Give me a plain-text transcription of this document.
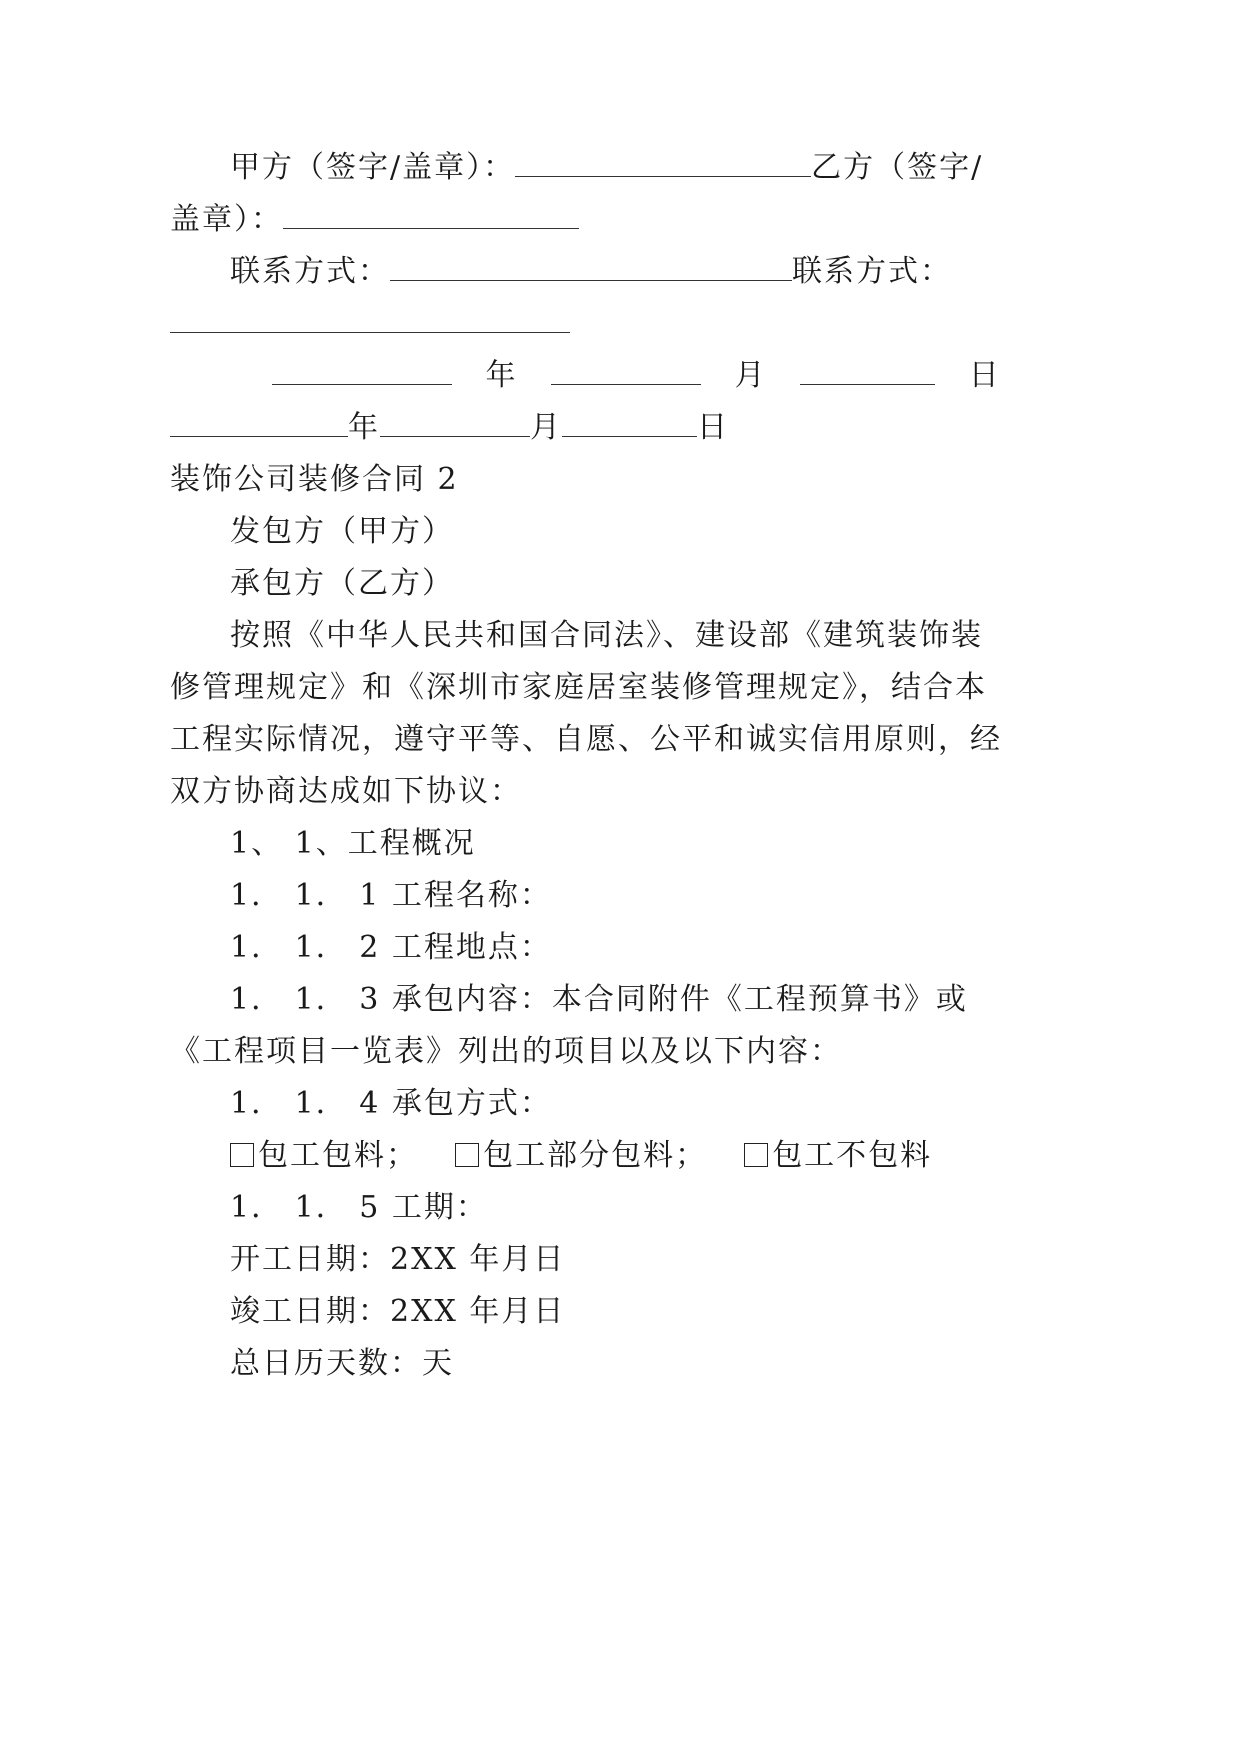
甲方（签字/盖章）：	乙方（签字/
盖章）：
联系方式：	联系方式：
年	月	日
年	月	日
装饰公司装修合同 2
发包方（甲方）
承包方（乙方）
按照《中华人民共和国合同法》、建设部《建筑装饰装
修管理规定》和《深圳市家庭居室装修管理规定》，结合本
工程实际情况，遵守平等、自愿、公平和诚实信用原则，经
双方协商达成如下协议：
1、 1、工程概况
1． 1． 1 工程名称：
1． 1． 2 工程地点：
1． 1． 3 承包内容：本合同附件《工程预算书》或
《工程项目一览表》列出的项目以及以下内容：
1． 1． 4 承包方式：
包工包料； 包工部分包料； 包工不包料
1． 1． 5 工期：
开工日期：2XX 年月日
竣工日期：2XX 年月日
总日历天数：天
